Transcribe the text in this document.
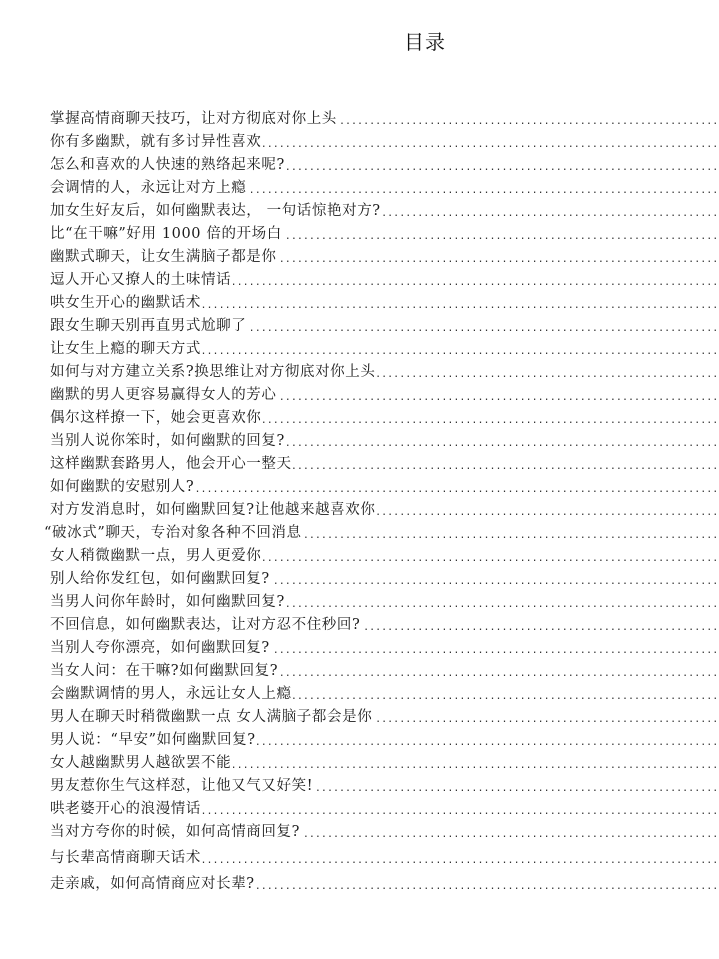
目录
.....
掌握高情商聊天技巧，让对方彻底对你上头
.....
你有多幽默，就有多讨异性喜欢
.....
怎么和喜欢的人快速的熟络起来呢?
.....
会调情的人，永远让对方上瘾
.....
加女生好友后，如何幽默表达， 一句话惊艳对方?
.....
比“在干嘛”好用 1000 倍的开场白
.....
幽默式聊天，让女生满脑子都是你
.....
逗人开心又撩人的土味情话
.....
哄女生开心的幽默话术
.....
跟女生聊天别再直男式尬聊了
.....
让女生上瘾的聊天方式
.....
如何与对方建立关系?换思维让对方彻底对你上头
.....
幽默的男人更容易赢得女人的芳心
.....
偶尔这样撩一下，她会更喜欢你
.....
当别人说你笨时，如何幽默的回复?
.....
这样幽默套路男人，他会开心一整天
.....
如何幽默的安慰别人?
.....
对方发消息时，如何幽默回复?让他越来越喜欢你
.....
“破冰式”聊天，专治对象各种不回消息
.....
女人稍微幽默一点，男人更爱你
.....
别人给你发红包，如何幽默回复?
.....
当男人问你年龄时，如何幽默回复?
.....
不回信息，如何幽默表达，让对方忍不住秒回?
.....
当别人夸你漂亮，如何幽默回复?
.....
当女人问：在干嘛?如何幽默回复?
.....
会幽默调情的男人，永远让女人上瘾
.....
男人在聊天时稍微幽默一点 女人满脑子都会是你
.....
男人说：“早安”如何幽默回复?
.....
女人越幽默男人越欲罢不能
.....
男友惹你生气这样怼，让他又气又好笑!
.....
哄老婆开心的浪漫情话
.....
当对方夸你的时候，如何高情商回复?
.....
与长辈高情商聊天话术
.....
走亲戚，如何高情商应对长辈?
